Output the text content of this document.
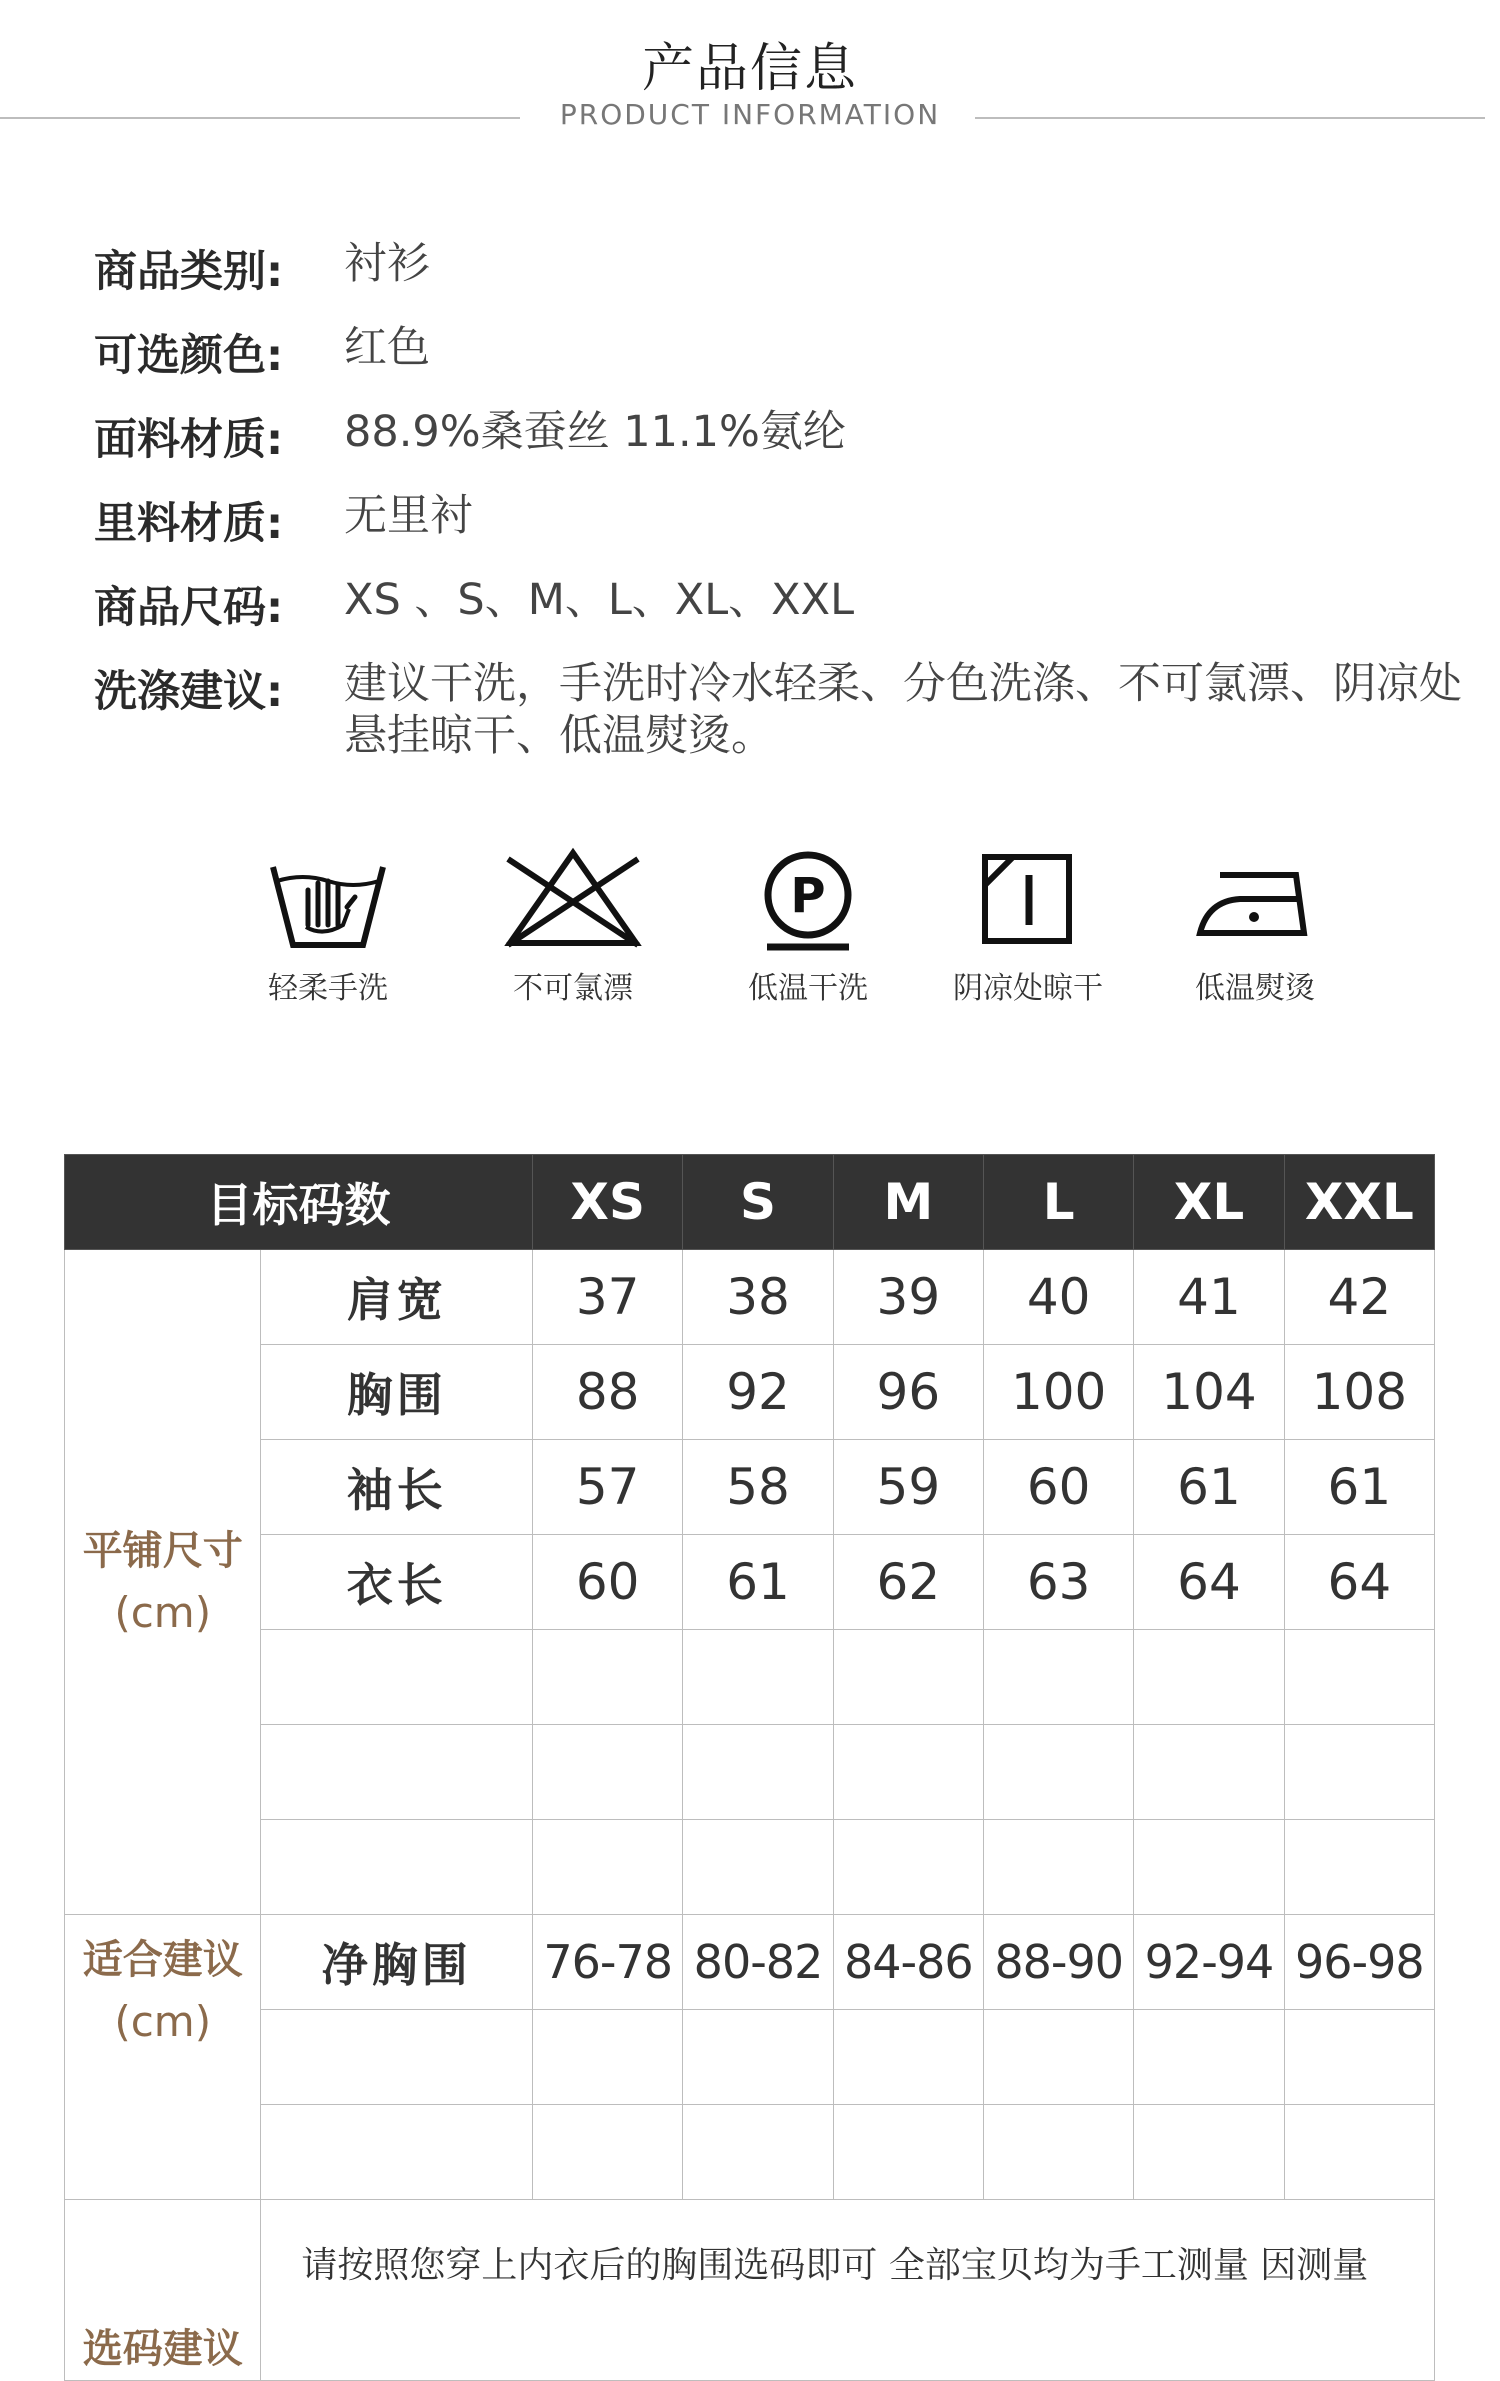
产品信息
PRODUCT INFORMATION
商品类别:	衬衫
可选颜色:	红色
面料材质:	88.9%桑蚕丝 11.1%氨纶
里料材质:	无里衬
商品尺码:	XS 、S、M、L、XL、XXL
洗涤建议:	建议干洗，手洗时冷水轻柔、分色洗涤、不可氯漂、阴凉处悬挂晾干、低温熨烫。
轻柔手洗	不可氯漂
P
低温干洗	阴凉处晾干	低温熨烫
目标码数		XS	S	M	L	XL	XXL
平铺尺寸
(cm)	肩宽	37	38	39	40	41	42
	胸围	88	92	96	100	104	108
	袖长	57	58	59	60	61	61
	衣长	60	61	62	63	64	64

适合建议
(cm)	净胸围	76-78	80-82	84-86	88-90	92-94	96-98

选码建议	请按照您穿上内衣后的胸围选码即可 全部宝贝均为手工测量 因测量						
